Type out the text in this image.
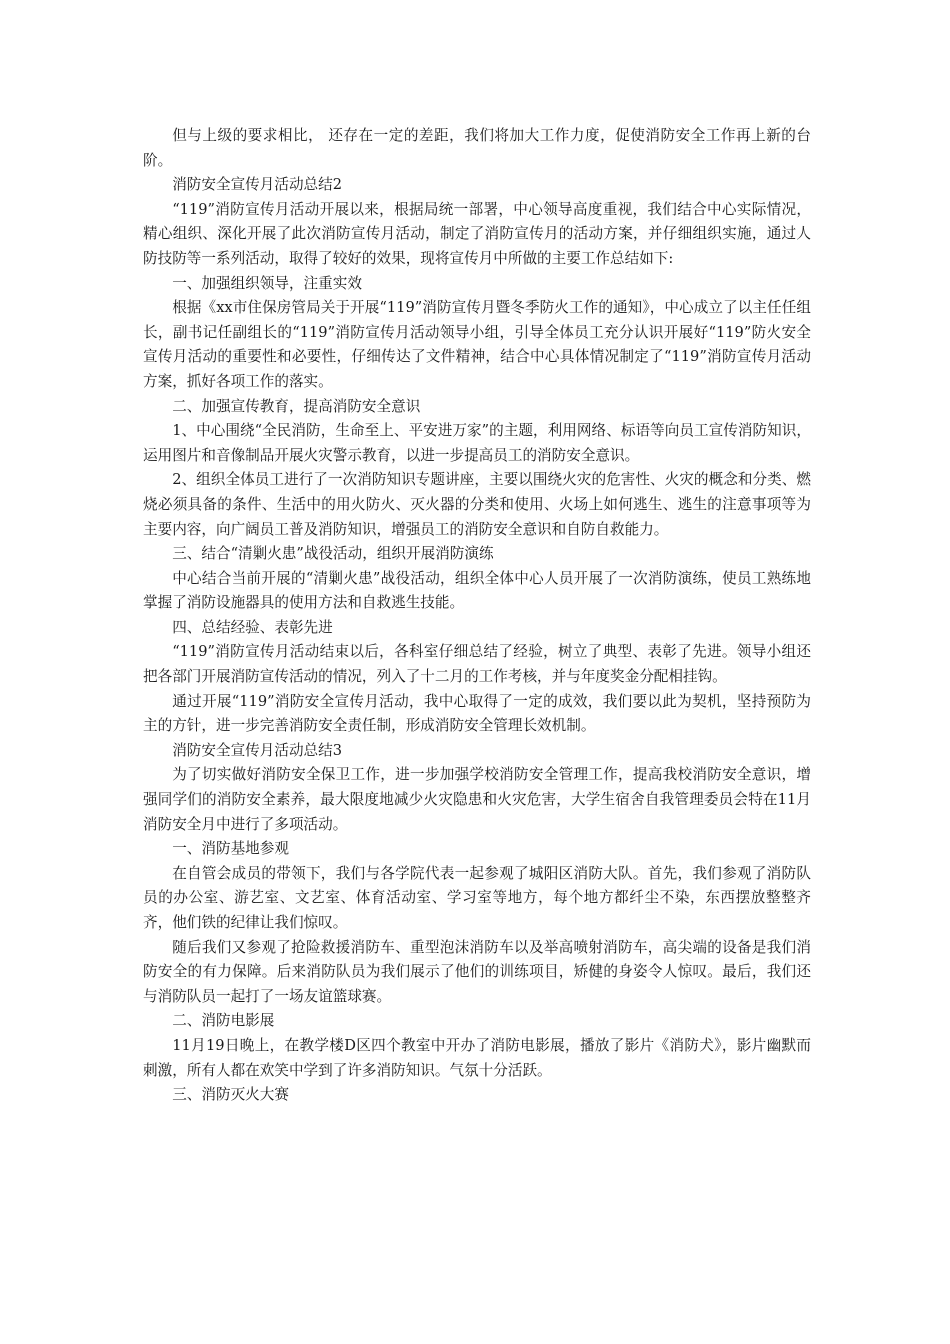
但与上级的要求相比， 还存在一定的差距，我们将加大工作力度，促使消防安全工作再上新的台阶。

消防安全宣传月活动总结2

“119”消防宣传月活动开展以来，根据局统一部署，中心领导高度重视，我们结合中心实际情况，精心组织、深化开展了此次消防宣传月活动，制定了消防宣传月的活动方案，并仔细组织实施，通过人防技防等一系列活动，取得了较好的效果，现将宣传月中所做的主要工作总结如下:

一、加强组织领导，注重实效

根据《xx市住保房管局关于开展“119”消防宣传月暨冬季防火工作的通知》，中心成立了以主任任组长，副书记任副组长的“119”消防宣传月活动领导小组，引导全体员工充分认识开展好“119”防火安全宣传月活动的重要性和必要性，仔细传达了文件精神，结合中心具体情况制定了“119”消防宣传月活动方案，抓好各项工作的落实。

二、加强宣传教育，提高消防安全意识

1、中心围绕“全民消防，生命至上、平安进万家”的主题，利用网络、标语等向员工宣传消防知识，运用图片和音像制品开展火灾警示教育，以进一步提高员工的消防安全意识。

2、组织全体员工进行了一次消防知识专题讲座，主要以围绕火灾的危害性、火灾的概念和分类、燃烧必须具备的条件、生活中的用火防火、灭火器的分类和使用、火场上如何逃生、逃生的注意事项等为主要内容，向广阔员工普及消防知识，增强员工的消防安全意识和自防自救能力。

三、结合“清剿火患”战役活动，组织开展消防演练

中心结合当前开展的“清剿火患”战役活动，组织全体中心人员开展了一次消防演练，使员工熟练地掌握了消防设施器具的使用方法和自救逃生技能。

四、总结经验、表彰先进

“119”消防宣传月活动结束以后，各科室仔细总结了经验，树立了典型、表彰了先进。领导小组还把各部门开展消防宣传活动的情况，列入了十二月的工作考核，并与年度奖金分配相挂钩。

通过开展“119”消防安全宣传月活动，我中心取得了一定的成效，我们要以此为契机，坚持预防为主的方针，进一步完善消防安全责任制，形成消防安全管理长效机制。

消防安全宣传月活动总结3

为了切实做好消防安全保卫工作，进一步加强学校消防安全管理工作，提高我校消防安全意识，增强同学们的消防安全素养，最大限度地减少火灾隐患和火灾危害，大学生宿舍自我管理委员会特在11月消防安全月中进行了多项活动。

一、消防基地参观

在自管会成员的带领下，我们与各学院代表一起参观了城阳区消防大队。首先，我们参观了消防队员的办公室、游艺室、文艺室、体育活动室、学习室等地方，每个地方都纤尘不染，东西摆放整整齐齐，他们铁的纪律让我们惊叹。

随后我们又参观了抢险救援消防车、重型泡沫消防车以及举高喷射消防车，高尖端的设备是我们消防安全的有力保障。后来消防队员为我们展示了他们的训练项目，矫健的身姿令人惊叹。最后，我们还与消防队员一起打了一场友谊篮球赛。

二、消防电影展

11月19日晚上，在教学楼D区四个教室中开办了消防电影展，播放了影片《消防犬》，影片幽默而刺激，所有人都在欢笑中学到了许多消防知识。气氛十分活跃。

三、消防灭火大赛
